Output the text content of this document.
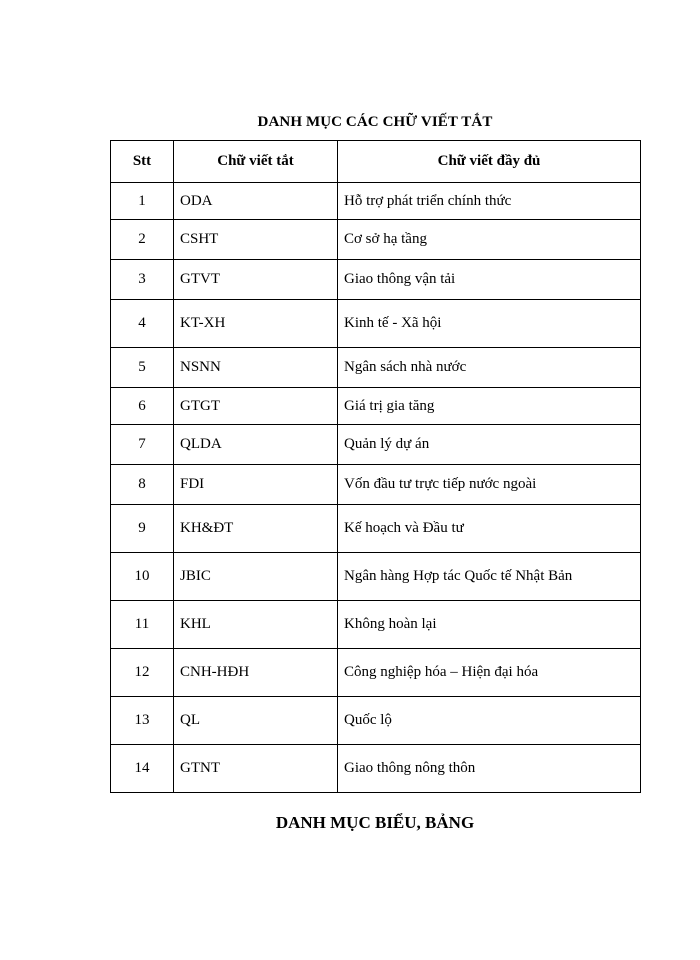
DANH MỤC CÁC CHỮ VIẾT TẮT
Stt	Chữ viết tắt	Chữ viết đầy đủ
1	ODA	Hỗ trợ phát triển chính thức
2	CSHT	Cơ sở hạ tầng
3	GTVT	Giao thông vận tải
4	KT-XH	Kinh tế - Xã hội
5	NSNN	Ngân sách nhà nước
6	GTGT	Giá trị gia tăng
7	QLDA	Quản lý dự án
8	FDI	Vốn đầu tư trực tiếp nước ngoài
9	KH&ĐT	Kế hoạch và Đầu tư
10	JBIC	Ngân hàng Hợp tác Quốc tế Nhật Bản
11	KHL	Không hoàn lại
12	CNH-HĐH	Công nghiệp hóa – Hiện đại hóa
13	QL	Quốc lộ
14	GTNT	Giao thông nông thôn
DANH MỤC BIỂU, BẢNG
